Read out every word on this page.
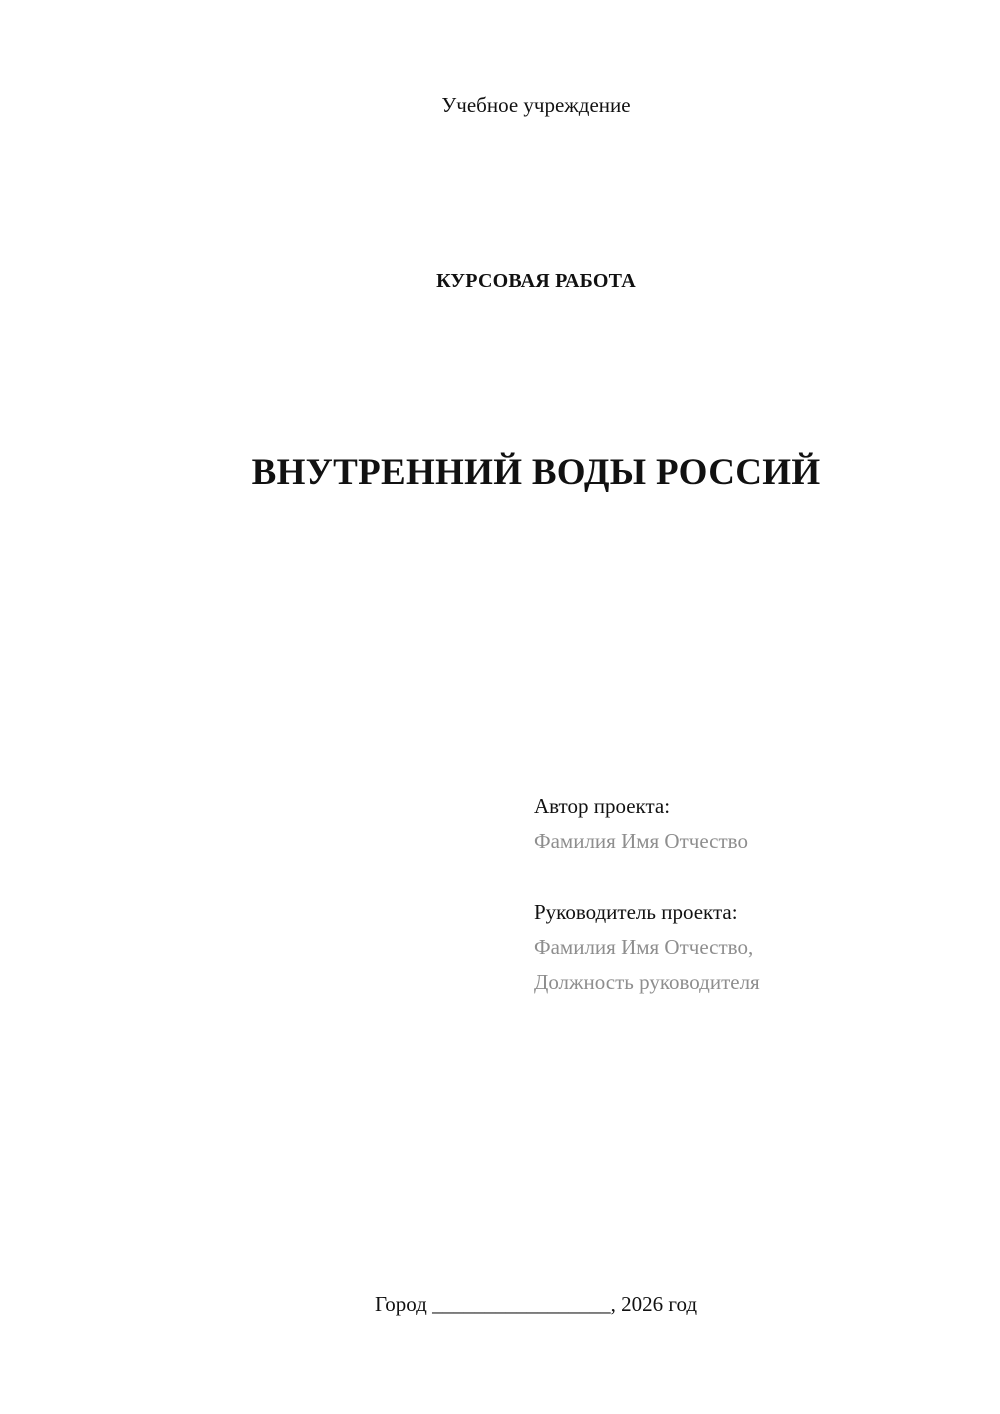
Учебное учреждение
КУРСОВАЯ РАБОТА
ВНУТРЕННИЙ ВОДЫ РОССИЙ
Автор проекта:
Фамилия Имя Отчество
Руководитель проекта:
Фамилия Имя Отчество,
Должность руководителя
Город _________________, 2026 год
